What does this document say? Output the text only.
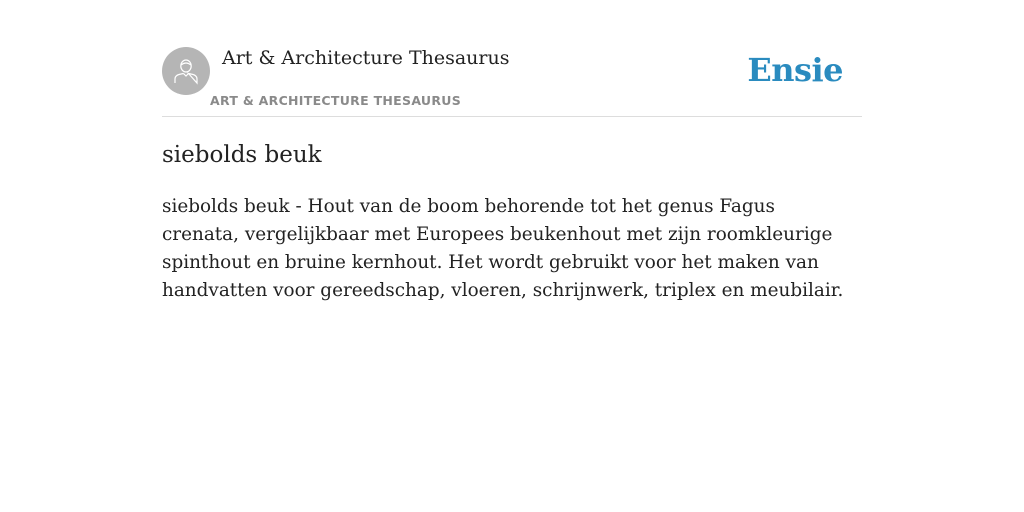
Art & Architecture Thesaurus
ART & ARCHITECTURE THESAURUS
Ensie
siebolds beuk

siebolds beuk - Hout van de boom behorende tot het genus Fagus crenata, vergelijkbaar met Europees beukenhout met zijn roomkleurige spinthout en bruine kernhout. Het wordt gebruikt voor het maken van handvatten voor gereedschap, vloeren, schrijnwerk, triplex en meubilair.
